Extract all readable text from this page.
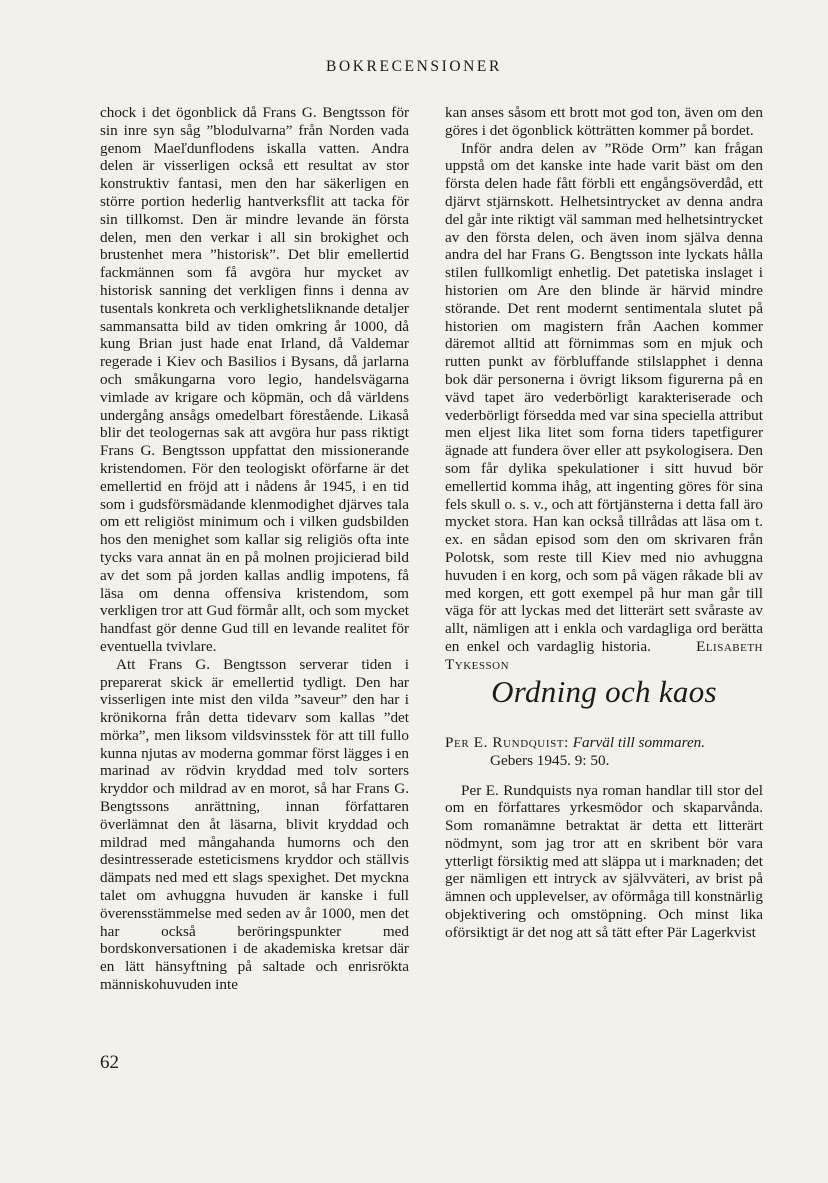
BOKRECENSIONER

chock i det ögonblick då Frans G. Bengtsson för sin inre syn såg ”blodulvarna” från Norden vada genom Maeľdunflodens iskalla vatten. Andra delen är visserligen också ett resultat av stor konstruktiv fantasi, men den har säkerligen en större portion hederlig hantverksflit att tacka för sin tillkomst. Den är mindre levande än första delen, men den verkar i all sin brokighet och brustenhet mera ”historisk”. Det blir emellertid fackmännen som få avgöra hur mycket av historisk sanning det verkligen finns i denna av tusentals konkreta och verklighetsliknande detaljer sammansatta bild av tiden omkring år 1000, då kung Brian just hade enat Irland, då Valdemar regerade i Kiev och Basilios i Bysans, då jarlarna och småkungarna voro legio, handelsvägarna vimlade av krigare och köpmän, och då världens undergång ansågs omedelbart förestående. Likaså blir det teologernas sak att avgöra hur pass riktigt Frans G. Bengtsson uppfattat den missionerande kristendomen. För den teologiskt oförfarne är det emellertid en fröjd att i nådens år 1945, i en tid som i gudsförsmädande klenmodighet djärves tala om ett religiöst minimum och i vilken gudsbilden hos den menighet som kallar sig religiös ofta inte tycks vara annat än en på molnen projicierad bild av det som på jorden kallas andlig impotens, få läsa om denna offensiva kristendom, som verkligen tror att Gud förmår allt, och som mycket handfast gör denne Gud till en levande realitet för eventuella tvivlare.

Att Frans G. Bengtsson serverar tiden i preparerat skick är emellertid tydligt. Den har visserligen inte mist den vilda ”saveur” den har i krönikorna från detta tidevarv som kallas ”det mörka”, men liksom vildsvinsstek för att till fullo kunna njutas av moderna gommar först lägges i en marinad av rödvin kryddad med tolv sorters kryddor och mildrad av en morot, så har Frans G. Bengtssons anrättning, innan författaren överlämnat den åt läsarna, blivit kryddad och mildrad med mångahanda humorns och den desintresserade esteticismens kryddor och ställvis dämpats ned med ett slags spexighet. Det myckna talet om avhuggna huvuden är kanske i full överensstämmelse med seden av år 1000, men det har också beröringspunkter med bordskonversationen i de akademiska kretsar där en lätt hänsyftning på saltade och enrisrökta människohuvuden inte

kan anses såsom ett brott mot god ton, även om den göres i det ögonblick kötträtten kommer på bordet.

Inför andra delen av ”Röde Orm” kan frågan uppstå om det kanske inte hade varit bäst om den första delen hade fått förbli ett engångsöverdåd, ett djärvt stjärnskott. Helhetsintrycket av denna andra del går inte riktigt väl samman med helhetsintrycket av den första delen, och även inom själva denna andra del har Frans G. Bengtsson inte lyckats hålla stilen fullkomligt enhetlig. Det patetiska inslaget i historien om Are den blinde är härvid mindre störande. Det rent modernt sentimentala slutet på historien om magistern från Aachen kommer däremot alltid att förnimmas som en mjuk och rutten punkt av förbluffande stilslapphet i denna bok där personerna i övrigt liksom figurerna på en vävd tapet äro vederbörligt karakteriserade och vederbörligt försedda med var sina speciella attribut men eljest lika litet som forna tiders tapetfigurer ägnade att fundera över eller att psykologisera. Den som får dylika spekulationer i sitt huvud bör emellertid komma ihåg, att ingenting göres för sina fels skull o. s. v., och att förtjänsterna i detta fall äro mycket stora. Han kan också tillrådas att läsa om t. ex. en sådan episod som den om skrivaren från Polotsk, som reste till Kiev med nio avhuggna huvuden i en korg, och som på vägen råkade bli av med korgen, ett gott exempel på hur man går till väga för att lyckas med det litterärt sett svåraste av allt, nämligen att i enkla och vardagliga ord berätta en enkel och vardaglig historia.	Elisabeth Tykesson

Ordning och kaos

Per E. Rundquist: Farväl till sommaren.
Gebers 1945. 9: 50.

Per E. Rundquists nya roman handlar till stor del om en författares yrkesmödor och skaparvånda. Som romanämne betraktat är detta ett litterärt nödmynt, som jag tror att en skribent bör vara ytterligt försiktig med att släppa ut i marknaden; det ger nämligen ett intryck av självväteri, av brist på ämnen och upplevelser, av oförmåga till konstnärlig objektivering och omstöpning. Och minst lika oförsiktigt är det nog att så tätt efter Pär Lagerkvist

62
